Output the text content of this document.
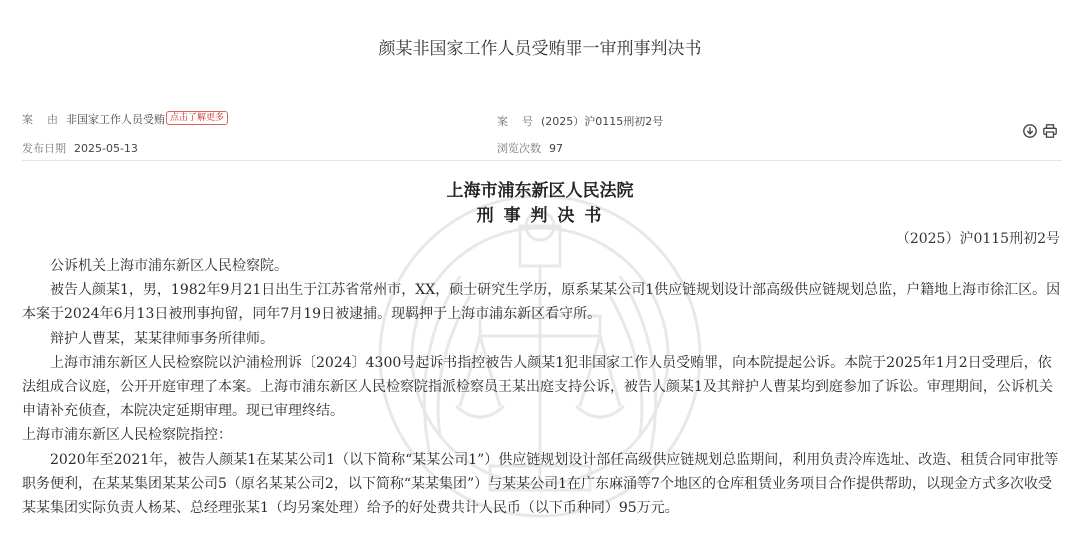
颜某非国家工作人员受贿罪一审刑事判决书
案    由 非国家工作人员受贿 点击了解更多	案    号 (2025）沪0115刑初2号
发布日期 2025-05-13	浏览次数 97
上海市浦东新区人民法院
刑 事 判 决 书
（2025）沪0115刑初2号

公诉机关上海市浦东新区人民检察院。

被告人颜某1，男，1982年9月21日出生于江苏省常州市，XX，硕士研究生学历，原系某某公司1供应链规划设计部高级供应链规划总监，户籍地上海市徐汇区。因本案于2024年6月13日被刑事拘留，同年7月19日被逮捕。现羁押于上海市浦东新区看守所。

辩护人曹某，某某律师事务所律师。

上海市浦东新区人民检察院以沪浦检刑诉〔2024〕4300号起诉书指控被告人颜某1犯非国家工作人员受贿罪，向本院提起公诉。本院于2025年1月2日受理后，依法组成合议庭，公开开庭审理了本案。上海市浦东新区人民检察院指派检察员王某出庭支持公诉，被告人颜某1及其辩护人曹某均到庭参加了诉讼。审理期间，公诉机关申请补充侦查，本院决定延期审理。现已审理终结。

上海市浦东新区人民检察院指控：

2020年至2021年，被告人颜某1在某某公司1（以下简称“某某公司1”）供应链规划设计部任高级供应链规划总监期间，利用负责冷库选址、改造、租赁合同审批等职务便利，在某某集团某某公司5（原名某某公司2，以下简称“某某集团”）与某某公司1在广东麻涌等7个地区的仓库租赁业务项目合作提供帮助，以现金方式多次收受某某集团实际负责人杨某、总经理张某1（均另案处理）给予的好处费共计人民币（以下币种同）95万元。
